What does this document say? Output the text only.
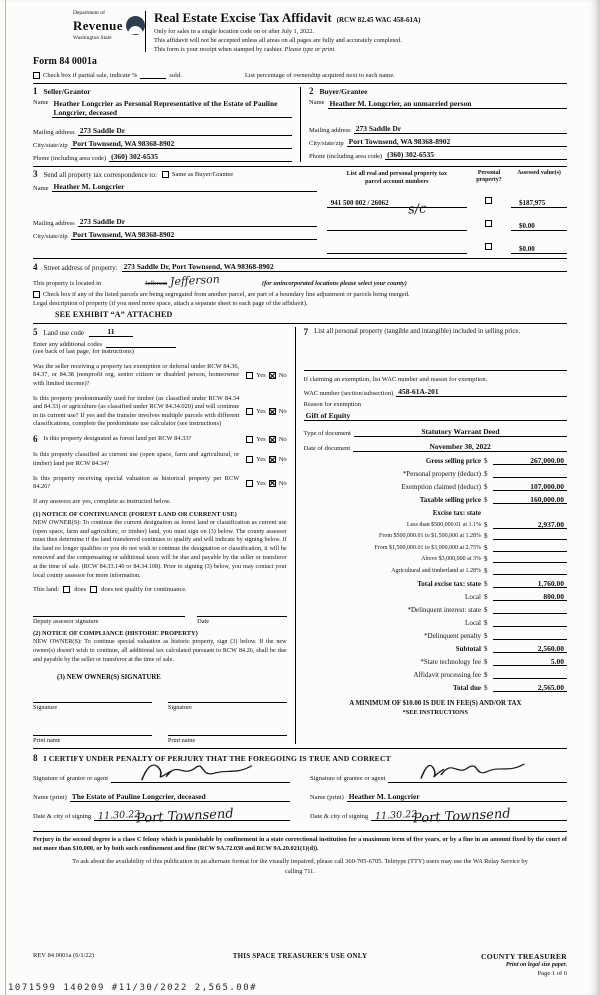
Department of
Revenue
Washington State
Real Estate Excise Tax Affidavit (RCW 82.45 WAC 458-61A)
Only for sales in a single location code on or after July 1, 2022.
This affidavit will not be accepted unless all areas on all pages are fully and accurately completed.
This form is your receipt when stamped by cashier. Please type or print.
Form 84 0001a
Check box if partial sale, indicate %	sold.	List percentage of ownership acquired next to each name.
1 Seller/Grantor
Name Heather Longcrier as Personal Representative of the Estate of Pauline Longcrier, deceased
Mailing address 273 Saddle Dr
City/state/zip Port Townsend, WA 98368-8902
Phone (including area code) (360) 302-6535
2 Buyer/Grantee
Name Heather M. Longcrier, an unmarried person
Mailing address 273 Saddle Dr
City/state/zip Port Townsend, WA 98368-8902
Phone (including area code) (360) 302-6535
3 Send all property tax correspondence to:	Same as Buyer/Grantee
Name Heather M. Longcrier
Mailing address 273 Saddle Dr
City/state/zip Port Townsend, WA 98368-8902
List all real and personal property tax
parcel account numbers
Personal property?
Assessed value(s)
941 500 002 / 26062	$187,975
$0.00
$0.00
s/c
4 Street address of property: 273 Saddle Dr, Port Townsend, WA 98368-8902
This property is located in	Jefferson Jefferson	(for unincorporated locations please select your county)
Check box if any of the listed parcels are being segregated from another parcel, are part of a boundary line adjustment or parcels being merged.
Legal description of property (if you need more space, attach a separate sheet to each page of the affidavit).
SEE EXHIBIT “A” ATTACHED
5 Land use code	11
Enter any additional codes
(see back of last page, for instructions)
Was the seller receiving a property tax exemption or deferral under RCW 84.36, 84.37, or 84.38 (nonprofit org, senior citizen or disabled person, homeowner with limited income)?
Yes ✕ No
Is this property predominantly used for timber (as classified under RCW 84.34 and 84.33) or agriculture (as classified under RCW 84.34.020) and will continue in its current use? If yes and the transfer involves multiple parcels with different classifications, complete the predominate use calculator (see instructions)
Yes ✕ No
6 Is this property designated as forest land per RCW 84.33?	Yes ✕ No
Is this property classified as current use (open space, farm and agricultural, or timber) land per RCW 84.34?	Yes ✕ No
Is this property receiving special valuation as historical property per RCW 84.26?	Yes ✕ No
If any answers are yes, complete as instructed below.
(1) NOTICE OF CONTINUANCE (FOREST LAND OR CURRENT USE)

NEW OWNER(S): To continue the current designation as forest land or classification as current use (open space, farm and agriculture, or timber) land, you must sign on (3) below. The county assessor must then determine if the land transferred continues to qualify and will indicate by signing below. If the land no longer qualifies or you do not wish to continue the designation or classification, it will be removed and the compensating or additional taxes will be due and payable by the seller or transferor at the time of sale. (RCW 84.33.140 or 84.34.108). Prior to signing (3) below, you may contact your local county assessor for more information.

This land: does does not qualify for continuance.
Deputy assessor signature	Date
(2) NOTICE OF COMPLIANCE (HISTORIC PROPERTY)

NEW OWNER(S): To continue special valuation as historic property, sign (3) below. If the new owner(s) doesn't wish to continue, all additional tax calculated pursuant to RCW 84.26, shall be due and payable by the seller or transferor at the time of sale.

(3) NEW OWNER(S) SIGNATURE
Signature
Print name
Signature
Print name
7 List all personal property (tangible and intangible) included in selling price.
If claiming an exemption, list WAC number and reason for exemption.
WAC number (section/subsection) 458-61A-201
Reason for exemption
Gift of Equity
Type of document	Statutory Warrant Deed
Date of document	November 30, 2022
Gross selling price $	267,000.00
*Personal property (deduct) $
Exemption claimed (deduct) $	107,000.00
Taxable selling price $	160,000.00
Excise tax: state
Less than $500,000.01 at 1.1% $	2,937.00
From $500,000.01 to $1,500,000 at 1.28% $
From $1,500,000.01 to $3,000,000 at 2.75% $
Above $3,000,000 at 3% $
Agricultural and timberland at 1.28% $
Total excise tax: state $	1,760.00
Local $	800.00
*Delinquent interest: state $
Local $
*Delinquent penalty $
Subtotal $	2,560.00
*State technology fee $	5.00
Affidavit processing fee $
Total due $	2,565.00
A MINIMUM OF $10.00 IS DUE IN FEE(S) AND/OR TAX
*SEE INSTRUCTIONS
8 I CERTIFY UNDER PENALTY OF PERJURY THAT THE FOREGOING IS TRUE AND CORRECT
Signature of grantor or agent
Name (print) The Estate of Pauline Longcrier, deceased
Date & city of signing 11.30.22
Port Townsend
Signature of grantee or agent
Name (print) Heather M. Longcrier
Date & city of signing 11.30.22
Port Townsend

Perjury in the second degree is a class C felony which is punishable by confinement in a state correctional institution for a maximum term of five years, or by a fine in an amount fixed by the court of not more than $10,000, or by both such confinement and fine (RCW 9A.72.030 and RCW 9A.20.021(1)(d)).

To ask about the availability of this publication in an alternate format for the visually impaired, please call 360-705-6705. Teletype (TTY) users may use the WA Relay Service by calling 711.

REV 84 0001a (6/1/22)	THIS SPACE TREASURER'S USE ONLY	COUNTY TREASURER
Print on legal size paper.
Page 1 of 6
1071599 140209 #11/30/2022 2,565.00#
